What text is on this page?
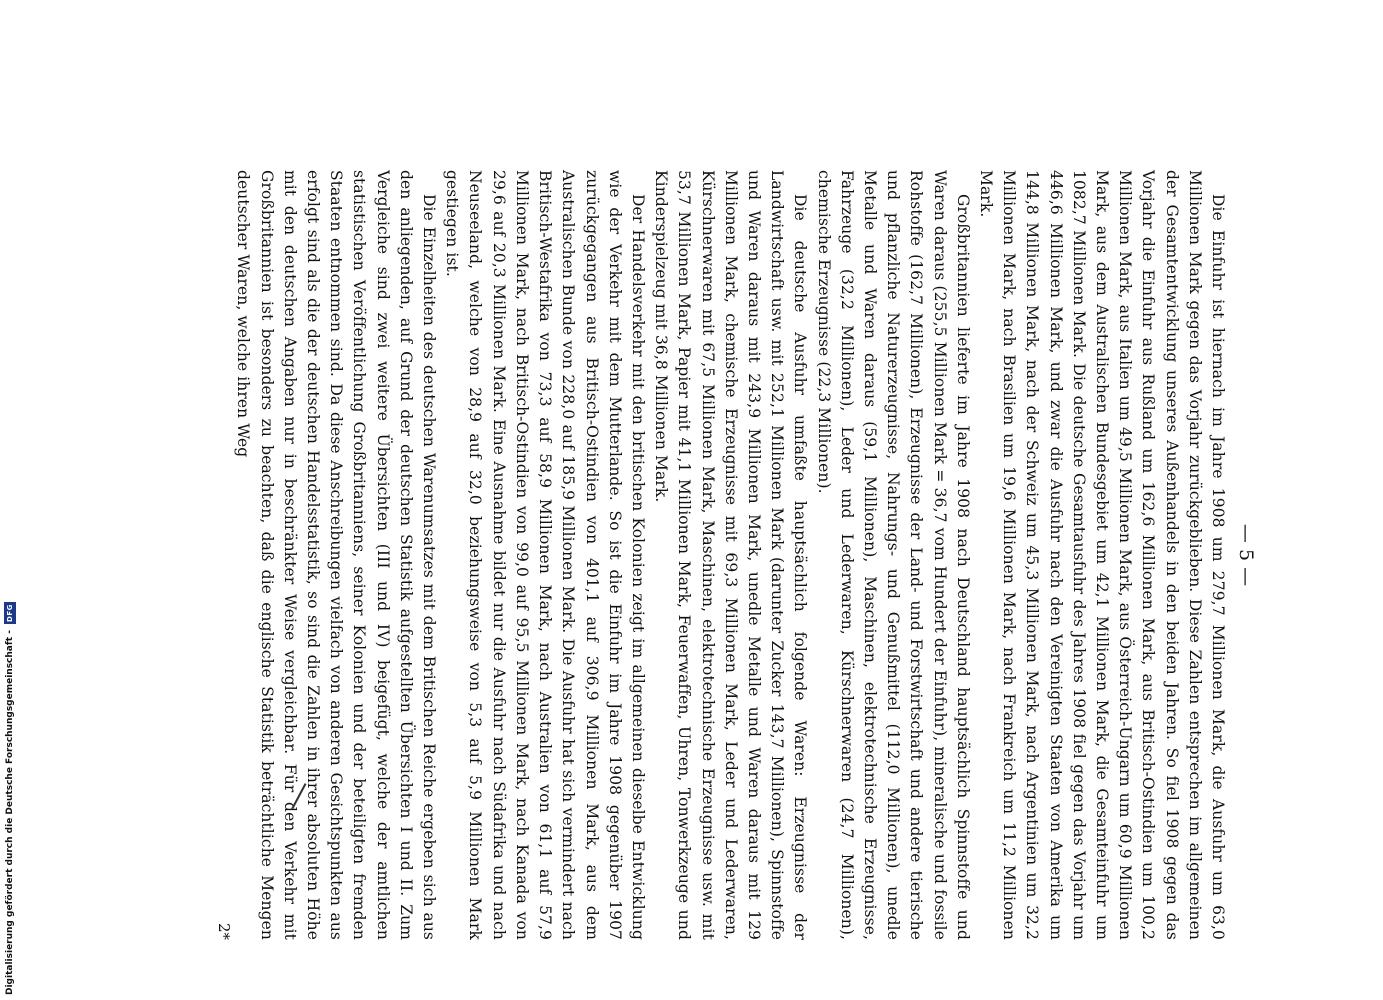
— 5 —

Die Einfuhr ist hiernach im Jahre 1908 um 279,7 Millionen Mark, die Ausfuhr um 63,0 Millionen Mark gegen das Vorjahr zurückgeblieben. Diese Zahlen entsprechen im allgemeinen der Gesamtentwicklung unseres Außenhandels in den beiden Jahren. So fiel 1908 gegen das Vorjahr die Einfuhr aus Rußland um 162,6 Millionen Mark, aus Britisch-Ostindien um 100,2 Millionen Mark, aus Italien um 49,5 Millionen Mark, aus Österreich-Ungarn um 60,9 Millionen Mark, aus dem Australischen Bundesgebiet um 42,1 Millionen Mark, die Gesamteinfuhr um 1082,7 Millionen Mark. Die deutsche Gesamtausfuhr des Jahres 1908 fiel gegen das Vorjahr um 446,6 Millionen Mark, und zwar die Ausfuhr nach den Vereinigten Staaten von Amerika um 144,8 Millionen Mark, nach der Schweiz um 45,3 Millionen Mark, nach Argentinien um 32,2 Millionen Mark, nach Brasilien um 19,6 Millionen Mark, nach Frankreich um 11,2 Millionen Mark.

Großbritannien lieferte im Jahre 1908 nach Deutschland hauptsächlich Spinnstoffe und Waren daraus (255,5 Millionen Mark = 36,7 vom Hundert der Einfuhr), mineralische und fossile Rohstoffe (162,7 Millionen), Erzeugnisse der Land- und Forstwirtschaft und andere tierische und pflanzliche Naturerzeugnisse, Nahrungs- und Genußmittel (112,0 Millionen), unedle Metalle und Waren daraus (59,1 Millionen), Maschinen, elektrotechnische Erzeugnisse, Fahrzeuge (32,2 Millionen), Leder und Lederwaren, Kürschnerwaren (24,7 Millionen), chemische Erzeugnisse (22,3 Millionen).

Die deutsche Ausfuhr umfaßte hauptsächlich folgende Waren: Erzeugnisse der Landwirtschaft usw. mit 252,1 Millionen Mark (darunter Zucker 143,7 Millionen), Spinnstoffe und Waren daraus mit 243,9 Millionen Mark, unedle Metalle und Waren daraus mit 129 Millionen Mark, chemische Erzeugnisse mit 69,3 Millionen Mark, Leder und Lederwaren, Kürschnerwaren mit 67,5 Millionen Mark, Maschinen, elektrotechnische Erzeugnisse usw. mit 53,7 Millionen Mark, Papier mit 41,1 Millionen Mark, Feuerwaffen, Uhren, Tonwerkzeuge und Kinderspielzeug mit 36,8 Millionen Mark.

Der Handelsverkehr mit den britischen Kolonien zeigt im allgemeinen dieselbe Entwicklung wie der Verkehr mit dem Mutterlande. So ist die Einfuhr im Jahre 1908 gegenüber 1907 zurückgegangen aus Britisch-Ostindien von 401,1 auf 306,9 Millionen Mark, aus dem Australischen Bunde von 228,0 auf 185,9 Millionen Mark. Die Ausfuhr hat sich vermindert nach Britisch-Westafrika von 73,3 auf 58,9 Millionen Mark, nach Australien von 61,1 auf 57,9 Millionen Mark, nach Britisch-Ostindien von 99,0 auf 95,5 Millionen Mark, nach Kanada von 29,6 auf 20,3 Millionen Mark. Eine Ausnahme bildet nur die Ausfuhr nach Südafrika und nach Neuseeland, welche von 28,9 auf 32,0 beziehungsweise von 5,3 auf 5,9 Millionen Mark gestiegen ist.

Die Einzelheiten des deutschen Warenumsatzes mit dem Britischen Reiche ergeben sich aus den anliegenden, auf Grund der deutschen Statistik aufgestellten Übersichten I und II. Zum Vergleiche sind zwei weitere Übersichten (III und IV) beigefügt, welche der amtlichen statistischen Veröffentlichung Großbritanniens, seiner Kolonien und der beteiligten fremden Staaten entnommen sind. Da diese Anschreibungen vielfach von anderen Gesichtspunkten aus erfolgt sind als die der deutschen Handelsstatistik, so sind die Zahlen in ihrer absoluten Höhe mit den deutschen Angaben nur in beschränkter Weise vergleichbar. Für den Verkehr mit Großbritannien ist besonders zu beachten, daß die englische Statistik beträchtliche Mengen deutscher Waren, welche ihren Weg

2*
Digitalisierung gefördert durch die Deutsche Forschungsgemeinschaft -
DFG
